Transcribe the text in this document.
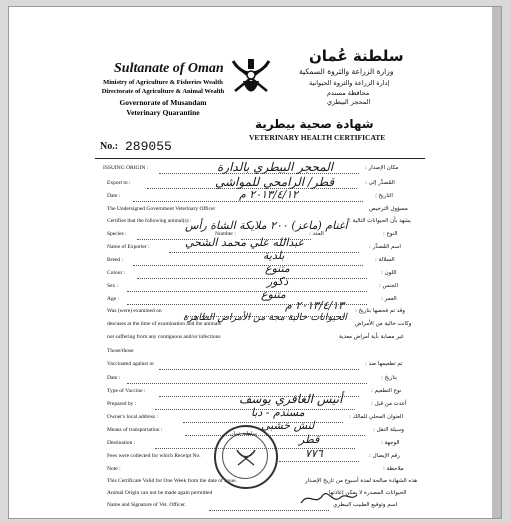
Sultanate of Oman
Ministry of Agriculture & Fisheries Wealth
Directorate of Agriculture & Animal Wealth
Governorate of Musandam
Veterinary Quarantine
سلطنة عُمان
وزارة الزراعة والثروة السمكية
إدارة الزراعة والثروة الحيوانية
محافظة مسندم
المحجر البيطري
شهادة صحية بيطرية
VETERINARY HEALTH CERTIFICATE
No.: 289055
ISSUING ORIGIN :
Export to :
Date :
The Undersigned Government Veterinary Officer
Certifies that the following animal(s) :
Species :	Number :
Name of Exporter :
Breed :
Colour :
Sex :
Age :
Was (were) examined on
descases at the time of examination and the animals
not suffering from any contiguous and/or infections
Those/those
Vaccinated against or
Date :
Type of Vaccine :
Prepared by :
Owner's local address :
Means of transportation :
Destination :
Fees were collected for which Receipt No.
Note :
This Certificate Valid for One Week from the date of Issue.
Animal Origin can not be made again permitted
Name and Signature of Vet. Officer.
مكان الإصدار :
المُصدَّر إلى :
التاريخ :
مسؤول الترخيص
يشهد بأن الحيوانات التالية :
النوع :
العدد :
اسم المُصدِّر :
السلالة :
اللون :
الجنس :
العمر :
وقد تم فحصها بتاريخ :
وكانت خالية من الأمراض
غير مصابة بأية أمراض معدية
تم تطعيمها ضد :
بتاريخ :
نوع التطعيم :
أعدت من قبل :
العنوان المحلي للمالك :
وسيلة النقل :
الوجهة :
رقم الإيصال :
ملاحظة :
هذه الشهادة صالحة لمدة أسبوع من تاريخ الإصدار
الحيوانات المصدرة لا يمكن إعادتها
اسم وتوقيع الطبيب البيطري
المحجر البيطري بالدارة
قطر/ الرامحي للمواشي
٢٠١٣/٤/١٢ م
أغنام (ماعز) ٢٠٠ ملايكة الشاة رأس
عبدالله علي محمد الشحي
بلدية
متنوع
ذكور
متنوع
٢٠١٣/٤/١٣ م
الحيوانات خالية مجة من الأمراض الظاهرة
أنيس الغافري يوسف
مسندم - دبا
لنش خشبي
قطر
٧٧٦
سلطنة عمان
